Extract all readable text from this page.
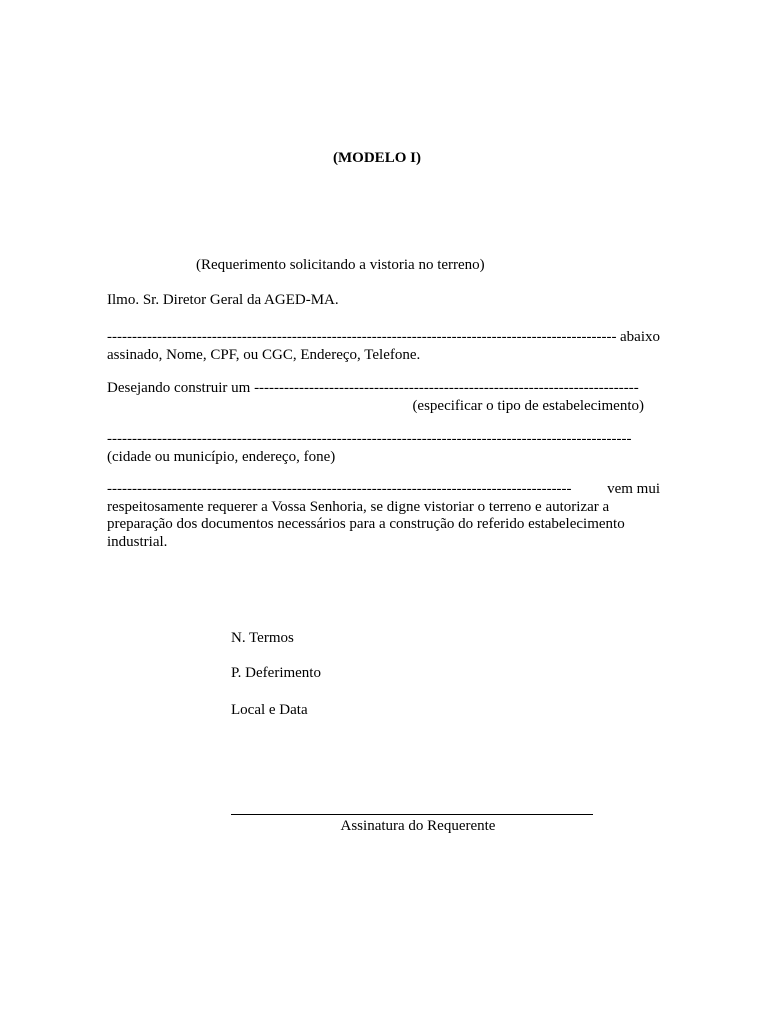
(MODELO I)
(Requerimento solicitando a vistoria no terreno)
Ilmo. Sr. Diretor Geral da AGED-MA.
------------------------------------------------------------------------------------------------------ abaixo
assinado, Nome, CPF, ou CGC, Endereço, Telefone.
Desejando construir um -----------------------------------------------------------------------------
(especificar o tipo de estabelecimento)
---------------------------------------------------------------------------------------------------------
(cidade ou município, endereço, fone)
---------------------------------------------------------------------------------------------	vem mui
respeitosamente requerer a Vossa Senhoria, se digne vistoriar o terreno e autorizar a preparação dos documentos necessários para a construção do referido estabelecimento industrial.
N. Termos
P. Deferimento
Local e Data
Assinatura do Requerente
